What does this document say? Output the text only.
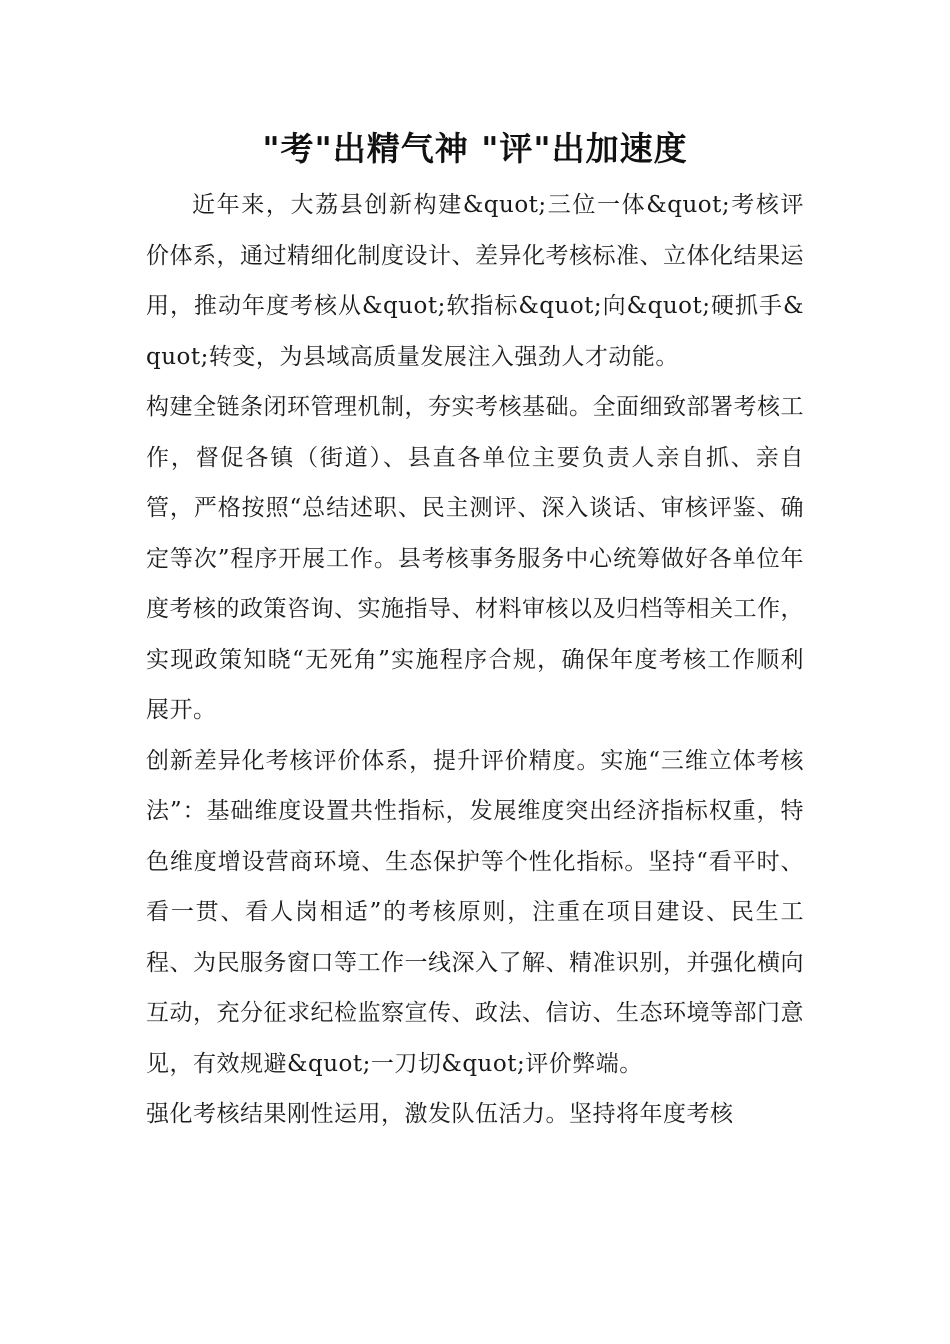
"考"出精气神 "评"出加速度

近年来，大荔县创新构建&quot;三位一体&quot;考核评价体系，通过精细化制度设计、差异化考核标准、立体化结果运用，推动年度考核从&quot;软指标&quot;向&quot;硬抓手&quot;转变，为县域高质量发展注入强劲人才动能。

构建全链条闭环管理机制，夯实考核基础。全面细致部署考核工作，督促各镇（街道）、县直各单位主要负责人亲自抓、亲自管，严格按照“总结述职、民主测评、深入谈话、审核评鉴、确定等次”程序开展工作。县考核事务服务中心统筹做好各单位年度考核的政策咨询、实施指导、材料审核以及归档等相关工作，实现政策知晓“无死角”实施程序合规，确保年度考核工作顺利展开。

创新差异化考核评价体系，提升评价精度。实施“三维立体考核法”：基础维度设置共性指标，发展维度突出经济指标权重，特色维度增设营商环境、生态保护等个性化指标。坚持“看平时、看一贯、看人岗相适”的考核原则，注重在项目建设、民生工程、为民服务窗口等工作一线深入了解、精准识别，并强化横向互动，充分征求纪检监察宣传、政法、信访、生态环境等部门意见，有效规避&quot;一刀切&quot;评价弊端。

强化考核结果刚性运用，激发队伍活力。坚持将年度考核
